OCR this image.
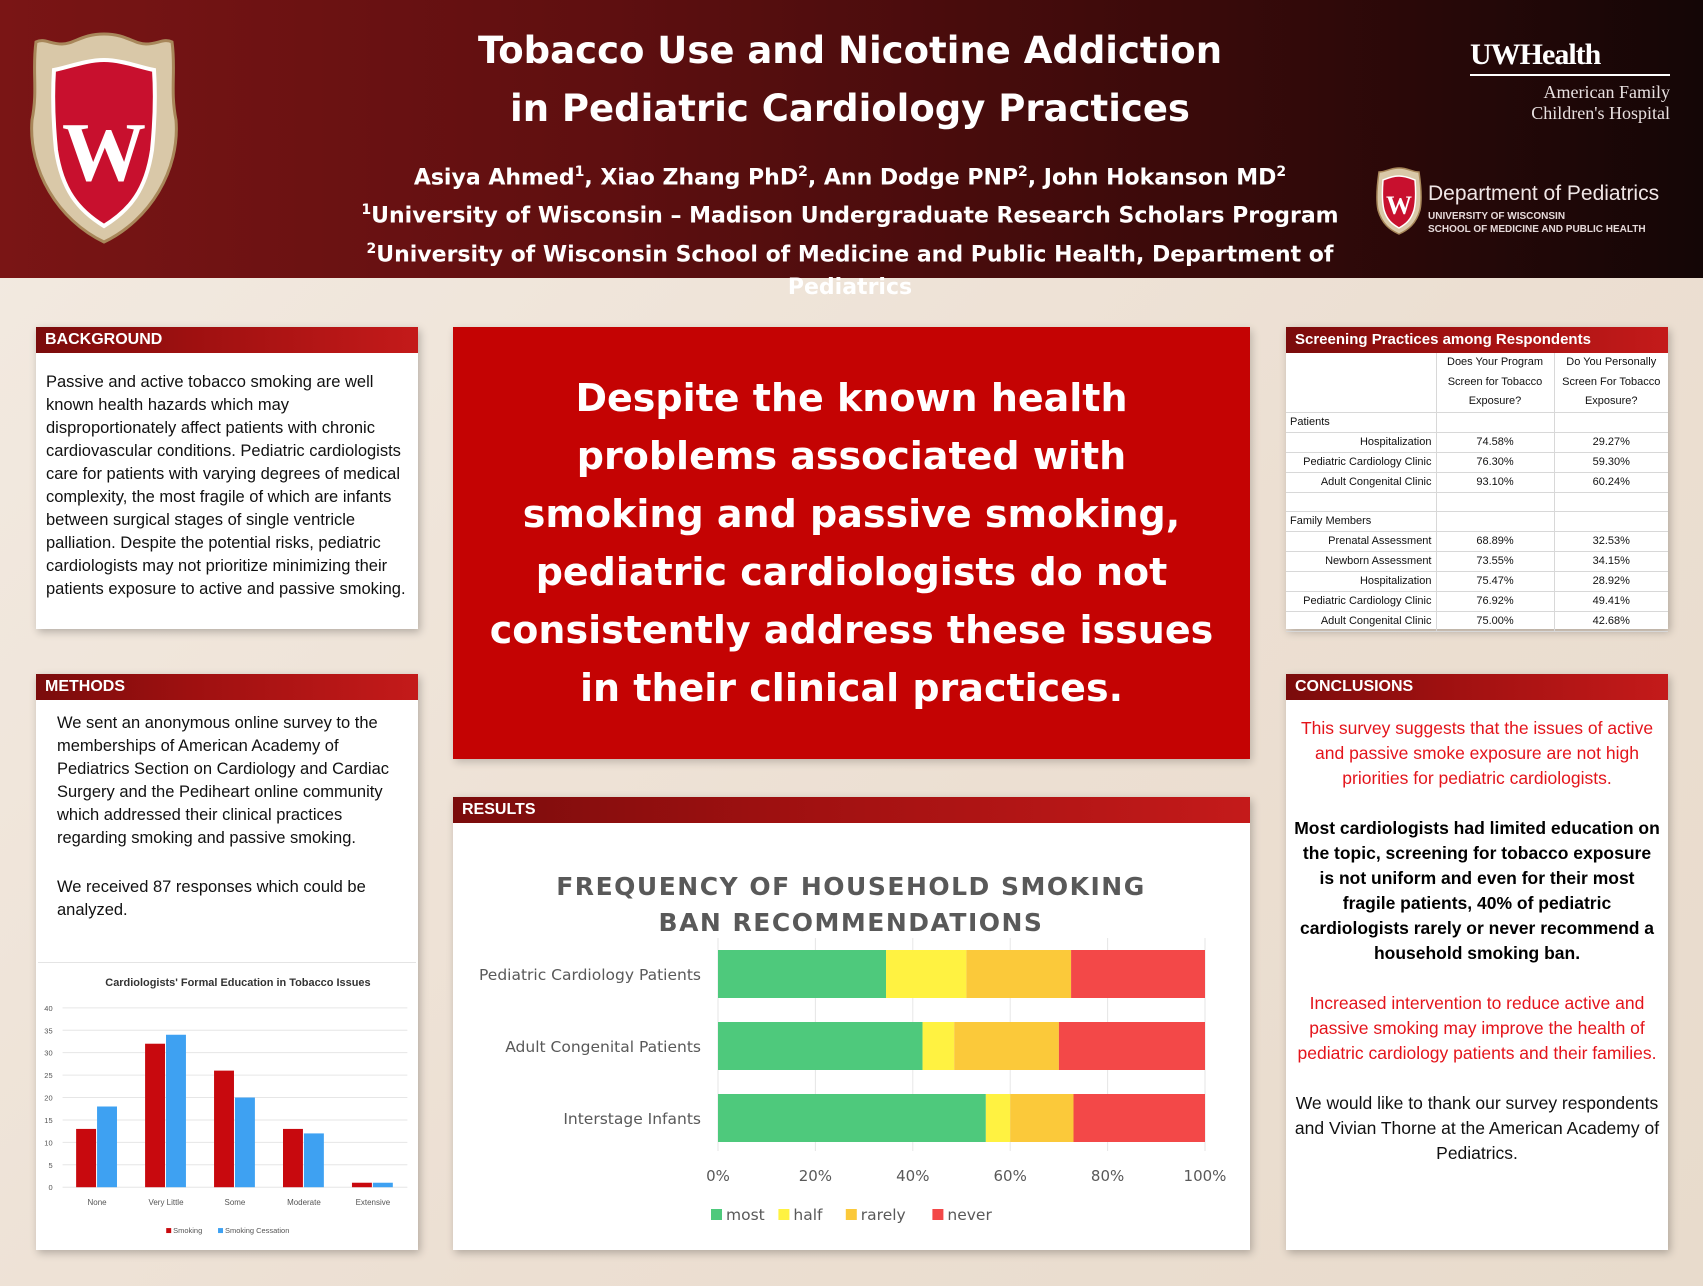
W
Tobacco Use and Nicotine Addiction
in Pediatric Cardiology Practices
Asiya Ahmed$^1$, Xiao Zhang PhD$^2$, Ann Dodge PNP$^2$, John Hokanson $MD^2$
$^1$University of Wisconsin – Madison Undergraduate Research Scholars Program
$^2$University of Wisconsin School of Medicine and Public Health, Department of Pediatrics
UWHealth
American Family
Children's Hospital
W Department of Pediatrics
UNIVERSITY OF WISCONSIN
SCHOOL OF MEDICINE AND PUBLIC HEALTH
BACKGROUND
Passive and active tobacco smoking are well known health hazards which may disproportionately affect patients with chronic cardiovascular conditions. Pediatric cardiologists care for patients with varying degrees of medical complexity, the most fragile of which are infants between surgical stages of single ventricle palliation. Despite the potential risks, pediatric cardiologists may not prioritize minimizing their patients exposure to active and passive smoking.
METHODS

We sent an anonymous online survey to the memberships of American Academy of Pediatrics Section on Cardiology and Cardiac Surgery and the Pediheart online community which addressed their clinical practices regarding smoking and passive smoking.

We received 87 responses which could be analyzed.

Cardiologists' Formal Education in Tobacco Issues
0
5
10
15
20
25
30
35
40
None	Very Little	Some	Moderate	Extensive
Smoking	Smoking Cessation
Despite the known health problems associated with smoking and passive smoking, pediatric cardiologists do not consistently address these issues in their clinical practices.
RESULTS
FREQUENCY OF HOUSEHOLD SMOKING
BAN RECOMMENDATIONS
Pediatric Cardiology Patients
Adult Congenital Patients
Interstage Infants
0%	20%	40%	60%	80%	100%
most half rarely	never
Screening Practices among Respondents
	Does Your Program Screen for Tobacco Exposure?	Do You Personally Screen For Tobacco Exposure?
Patients		
Hospitalization	74.58%	29.27%
Pediatric Cardiology Clinic	76.30%	59.30%
Adult Congenital Clinic	93.10%	60.24%

Family Members		
Prenatal Assessment	68.89%	32.53%
Newborn Assessment	73.55%	34.15%
Hospitalization	75.47%	28.92%
Pediatric Cardiology Clinic	76.92%	49.41%
Adult Congenital Clinic	75.00%	42.68%
CONCLUSIONS

This survey suggests that the issues of active and passive smoke exposure are not high priorities for pediatric cardiologists.

Most cardiologists had limited education on the topic, screening for tobacco exposure is not uniform and even for their most fragile patients, 40% of pediatric cardiologists rarely or never recommend a household smoking ban.

Increased intervention to reduce active and passive smoking may improve the health of pediatric cardiology patients and their families.

We would like to thank our survey respondents and Vivian Thorne at the American Academy of Pediatrics.
